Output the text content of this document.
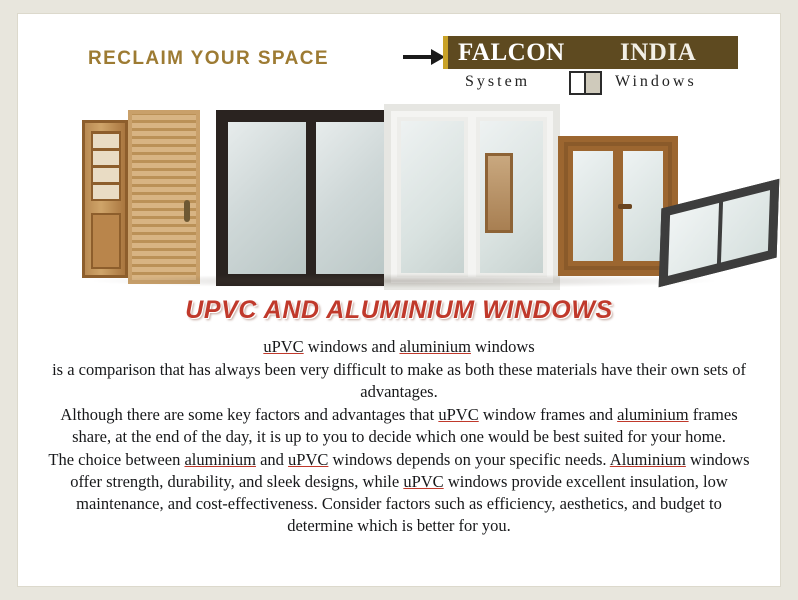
RECLAIM YOUR SPACE	FALCON INDIA
System	Windows
UPVC AND ALUMINIUM WINDOWS

uPVC windows and aluminium windows

is a comparison that has always been very difficult to make as both these materials have their own sets of advantages.

Although there are some key factors and advantages that uPVC window frames and aluminium frames share, at the end of the day, it is up to you to decide which one would be best suited for your home.

The choice between aluminium and uPVC windows depends on your specific needs. Aluminium windows offer strength, durability, and sleek designs, while uPVC windows provide excellent insulation, low maintenance, and cost-effectiveness. Consider factors such as efficiency, aesthetics, and budget to determine which is better for you.
